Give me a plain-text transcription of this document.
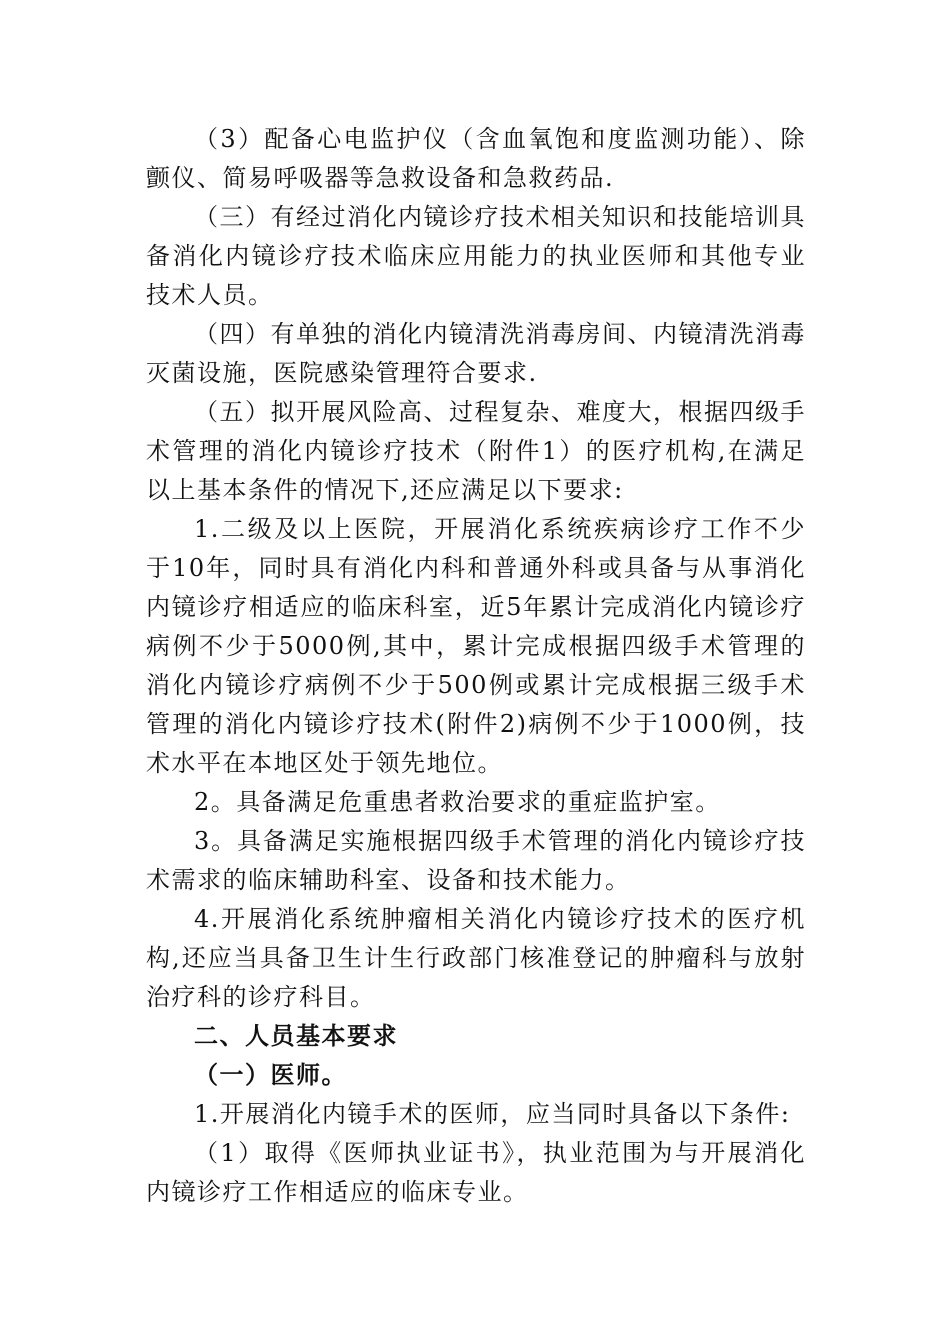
（3）配备心电监护仪（含血氧饱和度监测功能）、除颤仪、简易呼吸器等急救设备和急救药品.

（三）有经过消化内镜诊疗技术相关知识和技能培训具备消化内镜诊疗技术临床应用能力的执业医师和其他专业技术人员。

（四）有单独的消化内镜清洗消毒房间、内镜清洗消毒灭菌设施，医院感染管理符合要求.

（五）拟开展风险高、过程复杂、难度大，根据四级手术管理的消化内镜诊疗技术（附件1）的医疗机构,在满足以上基本条件的情况下,还应满足以下要求:

1.二级及以上医院，开展消化系统疾病诊疗工作不少于10年，同时具有消化内科和普通外科或具备与从事消化内镜诊疗相适应的临床科室，近5年累计完成消化内镜诊疗病例不少于5000例,其中，累计完成根据四级手术管理的消化内镜诊疗病例不少于500例或累计完成根据三级手术管理的消化内镜诊疗技术(附件2)病例不少于1000例，技术水平在本地区处于领先地位。

2。具备满足危重患者救治要求的重症监护室。

3。具备满足实施根据四级手术管理的消化内镜诊疗技术需求的临床辅助科室、设备和技术能力。

4.开展消化系统肿瘤相关消化内镜诊疗技术的医疗机构,还应当具备卫生计生行政部门核准登记的肿瘤科与放射治疗科的诊疗科目。

二、人员基本要求

（一）医师。

1.开展消化内镜手术的医师，应当同时具备以下条件:

（1）取得《医师执业证书》，执业范围为与开展消化内镜诊疗工作相适应的临床专业。
